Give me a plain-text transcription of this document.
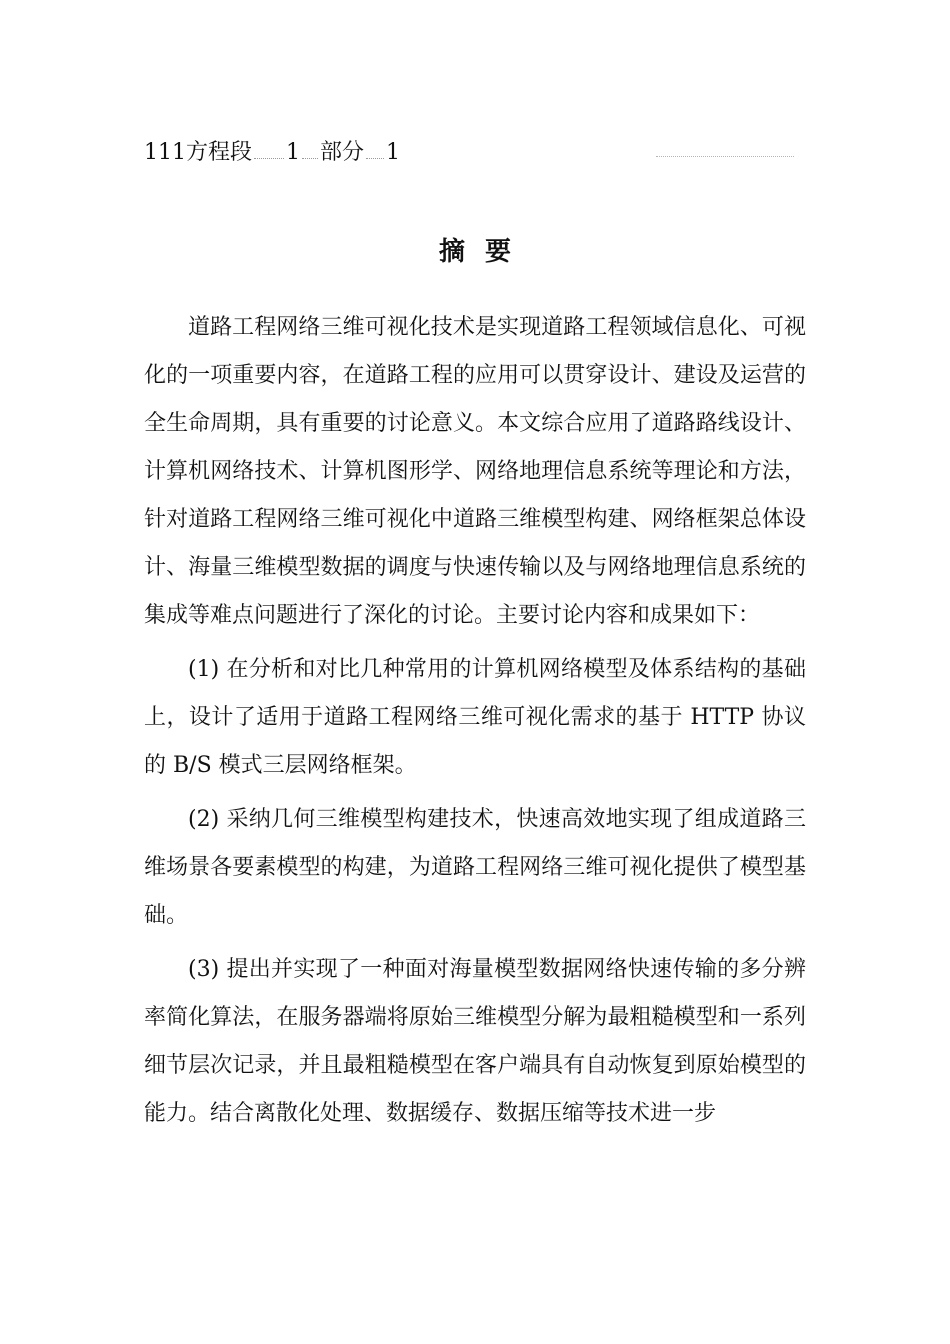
111方程段 1 部分 1
摘要

道路工程网络三维可视化技术是实现道路工程领域信息化、可视化的一项重要内容，在道路工程的应用可以贯穿设计、建设及运营的全生命周期，具有重要的讨论意义。本文综合应用了道路路线设计、计算机网络技术、计算机图形学、网络地理信息系统等理论和方法，针对道路工程网络三维可视化中道路三维模型构建、网络框架总体设计、海量三维模型数据的调度与快速传输以及与网络地理信息系统的集成等难点问题进行了深化的讨论。主要讨论内容和成果如下：

(1) 在分析和对比几种常用的计算机网络模型及体系结构的基础上，设计了适用于道路工程网络三维可视化需求的基于 HTTP 协议的 B/S 模式三层网络框架。

(2) 采纳几何三维模型构建技术，快速高效地实现了组成道路三维场景各要素模型的构建，为道路工程网络三维可视化提供了模型基础。

(3) 提出并实现了一种面对海量模型数据网络快速传输的多分辨率简化算法，在服务器端将原始三维模型分解为最粗糙模型和一系列细节层次记录，并且最粗糙模型在客户端具有自动恢复到原始模型的能力。结合离散化处理、数据缓存、数据压缩等技术进一步
